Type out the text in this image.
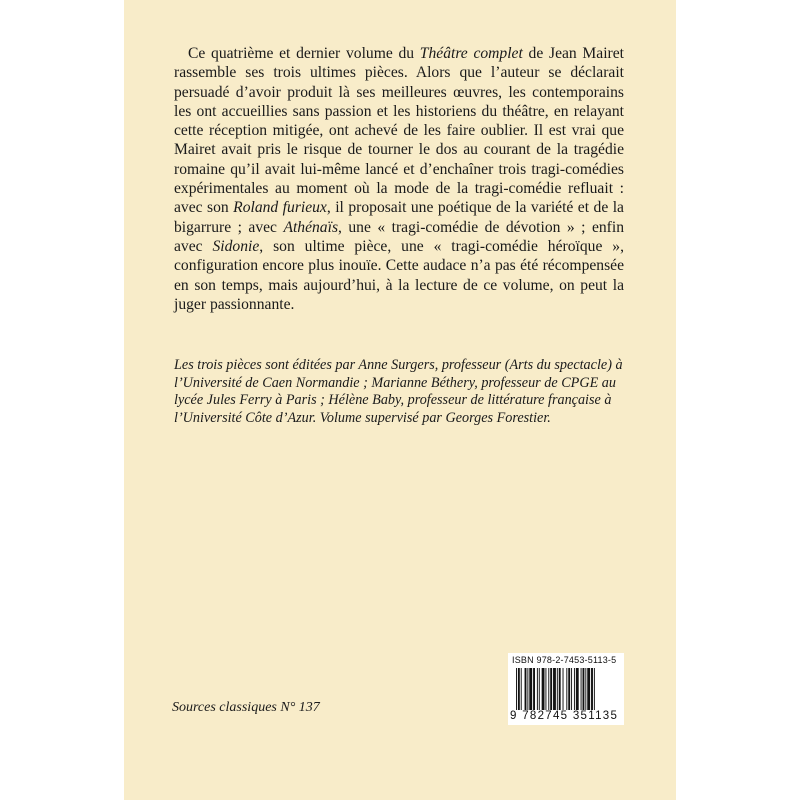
Ce quatrième et dernier volume du Théâtre complet de Jean Mairet rassemble ses trois ultimes pièces. Alors que l’auteur se déclarait persuadé d’avoir produit là ses meilleures œuvres, les contemporains les ont accueillies sans passion et les historiens du théâtre, en relayant cette réception mitigée, ont achevé de les faire oublier. Il est vrai que Mairet avait pris le risque de tourner le dos au courant de la tragédie romaine qu’il avait lui-même lancé et d’enchaîner trois tragi-comédies expérimentales au moment où la mode de la tragi-comédie refluait : avec son Roland furieux, il proposait une poétique de la variété et de la bigarrure ; avec Athénaïs, une « tragi-comédie de dévotion » ; enfin avec Sidonie, son ultime pièce, une « tragi-comédie héroïque », configuration encore plus inouïe. Cette audace n’a pas été récompensée en son temps, mais aujourd’hui, à la lecture de ce volume, on peut la juger passionnante.

Les trois pièces sont éditées par Anne Surgers, professeur (Arts du spectacle) à l’Université de Caen Normandie ; Marianne Béthery, professeur de CPGE au lycée Jules Ferry à Paris ; Hélène Baby, professeur de littérature française à l’Université Côte d’Azur. Volume supervisé par Georges Forestier.

Sources classiques N° 137
ISBN 978-2-7453-5113-5
9 782745 351135
